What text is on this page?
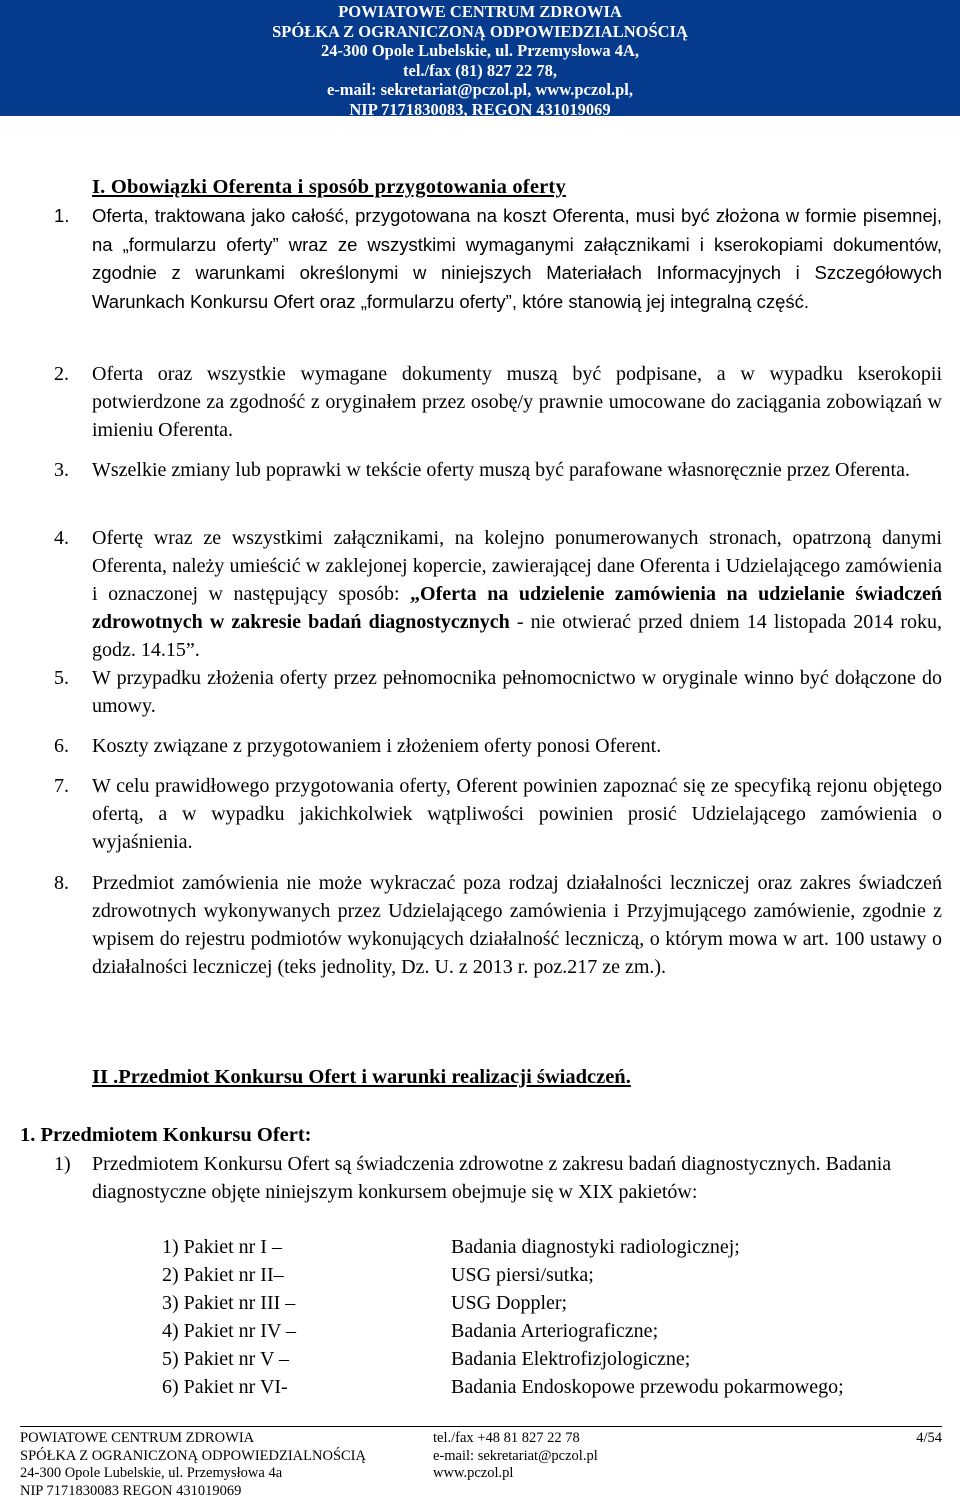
POWIATOWE CENTRUM ZDROWIA
SPÓŁKA Z OGRANICZONĄ ODPOWIEDZIALNOŚCIĄ
24-300 Opole Lubelskie, ul. Przemysłowa 4A,
tel./fax (81) 827 22 78,
e-mail: sekretariat@pczol.pl, www.pczol.pl,
NIP 7171830083, REGON 431019069
I. Obowiązki Oferenta i sposób przygotowania oferty
1.	Oferta, traktowana jako całość, przygotowana na koszt Oferenta, musi być złożona w formie pisemnej, na „formularzu oferty” wraz ze wszystkimi wymaganymi załącznikami i kserokopiami dokumentów, zgodnie z warunkami określonymi w niniejszych Materiałach Informacyjnych i Szczegółowych Warunkach Konkursu Ofert oraz „formularzu oferty”, które stanowią jej integralną część.
2.	Oferta oraz wszystkie wymagane dokumenty muszą być podpisane, a w wypadku kserokopii potwierdzone za zgodność z oryginałem przez osobę/y prawnie umocowane do zaciągania zobowiązań w imieniu Oferenta.
3.	Wszelkie zmiany lub poprawki w tekście oferty muszą być parafowane własnoręcznie przez Oferenta.
4.	Ofertę wraz ze wszystkimi załącznikami, na kolejno ponumerowanych stronach, opatrzoną danymi Oferenta, należy umieścić w zaklejonej kopercie, zawierającej dane Oferenta i Udzielającego zamówienia i oznaczonej w następujący sposób: „Oferta na udzielenie zamówienia na udzielanie świadczeń zdrowotnych w zakresie badań diagnostycznych - nie otwierać przed dniem 14 listopada 2014 roku, godz. 14.15”.
5.	W przypadku złożenia oferty przez pełnomocnika pełnomocnictwo w oryginale winno być dołączone do umowy.
6.	Koszty związane z przygotowaniem i złożeniem oferty ponosi Oferent.
7.	W celu prawidłowego przygotowania oferty, Oferent powinien zapoznać się ze specyfiką rejonu objętego ofertą, a w wypadku jakichkolwiek wątpliwości powinien prosić Udzielającego zamówienia o wyjaśnienia.
8.	Przedmiot zamówienia nie może wykraczać poza rodzaj działalności leczniczej oraz zakres świadczeń zdrowotnych wykonywanych przez Udzielającego zamówienia i Przyjmującego zamówienie, zgodnie z wpisem do rejestru podmiotów wykonujących działalność leczniczą, o którym mowa w art. 100 ustawy o działalności leczniczej (teks jednolity, Dz. U. z 2013 r. poz.217 ze zm.).
II .Przedmiot Konkursu Ofert i warunki realizacji świadczeń.
1. Przedmiotem Konkursu Ofert:
1) Przedmiotem Konkursu Ofert są świadczenia zdrowotne z zakresu badań diagnostycznych. Badania diagnostyczne objęte niniejszym konkursem obejmuje się w XIX pakietów:
1) Pakiet nr I –	Badania diagnostyki radiologicznej;
2) Pakiet nr II–	USG piersi/sutka;
3) Pakiet nr III –	USG Doppler;
4) Pakiet nr IV –	Badania Arteriograficzne;
5) Pakiet nr V –	Badania Elektrofizjologiczne;
6) Pakiet nr VI-	Badania Endoskopowe przewodu pokarmowego;
POWIATOWE CENTRUM ZDROWIA
SPÓŁKA Z OGRANICZONĄ ODPOWIEDZIALNOŚCIĄ
24-300 Opole Lubelskie, ul. Przemysłowa 4a
NIP 7171830083 REGON 431019069
tel./fax +48 81 827 22 78
e-mail: sekretariat@pczol.pl
www.pczol.pl
4/54
